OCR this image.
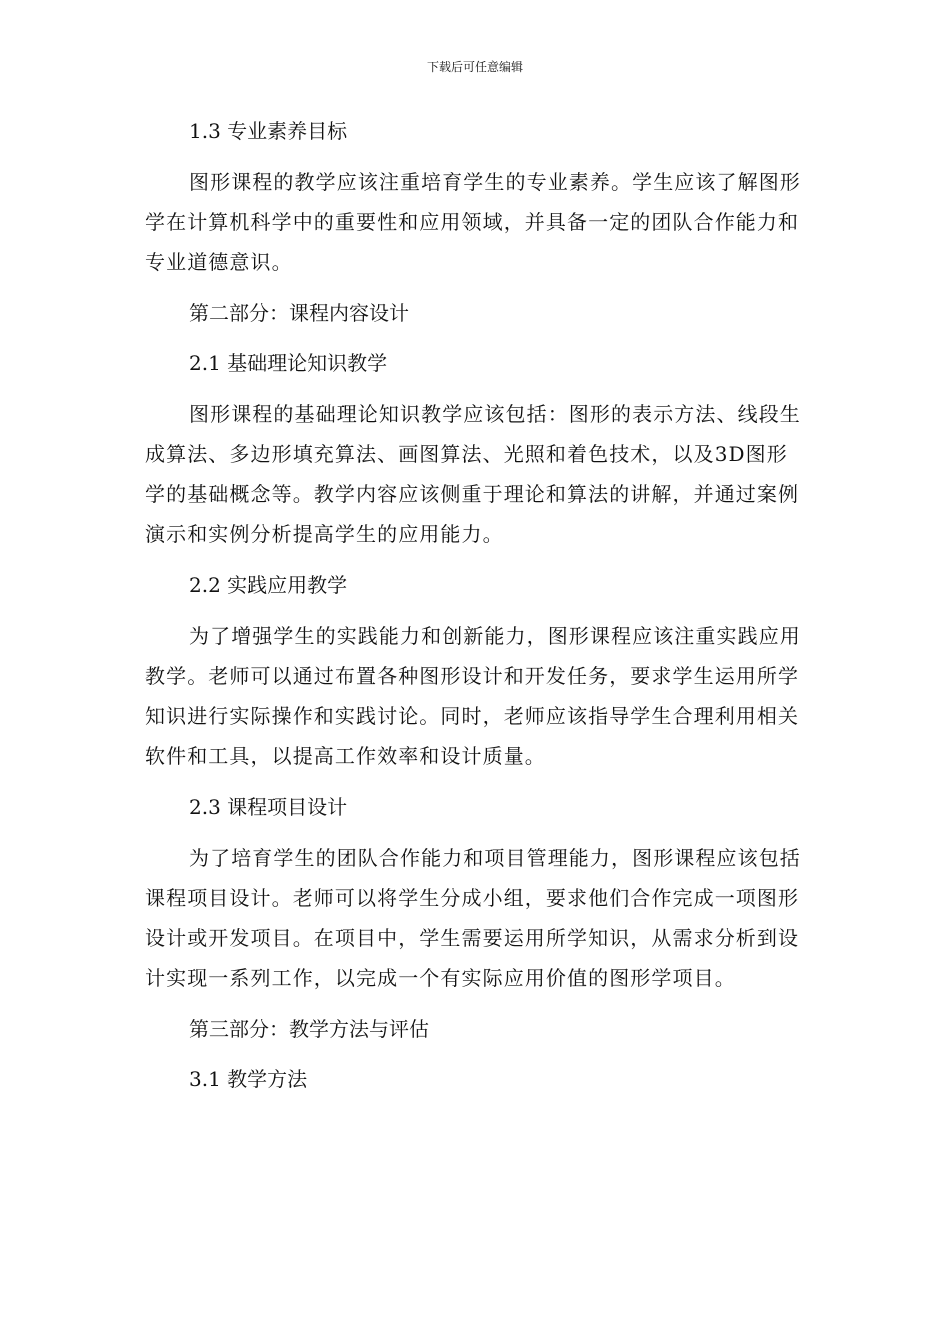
下载后可任意编辑
1.3 专业素养目标
图形课程的教学应该注重培育学生的专业素养。学生应该了解图形学在计算机科学中的重要性和应用领域，并具备一定的团队合作能力和专业道德意识。
第二部分：课程内容设计
2.1 基础理论知识教学
图形课程的基础理论知识教学应该包括：图形的表示方法、线段生成算法、多边形填充算法、画图算法、光照和着色技术，以及3D图形学的基础概念等。教学内容应该侧重于理论和算法的讲解，并通过案例演示和实例分析提高学生的应用能力。
2.2 实践应用教学
为了增强学生的实践能力和创新能力，图形课程应该注重实践应用教学。老师可以通过布置各种图形设计和开发任务，要求学生运用所学知识进行实际操作和实践讨论。同时，老师应该指导学生合理利用相关软件和工具，以提高工作效率和设计质量。
2.3 课程项目设计
为了培育学生的团队合作能力和项目管理能力，图形课程应该包括课程项目设计。老师可以将学生分成小组，要求他们合作完成一项图形设计或开发项目。在项目中，学生需要运用所学知识，从需求分析到设计实现一系列工作，以完成一个有实际应用价值的图形学项目。
第三部分：教学方法与评估
3.1 教学方法
